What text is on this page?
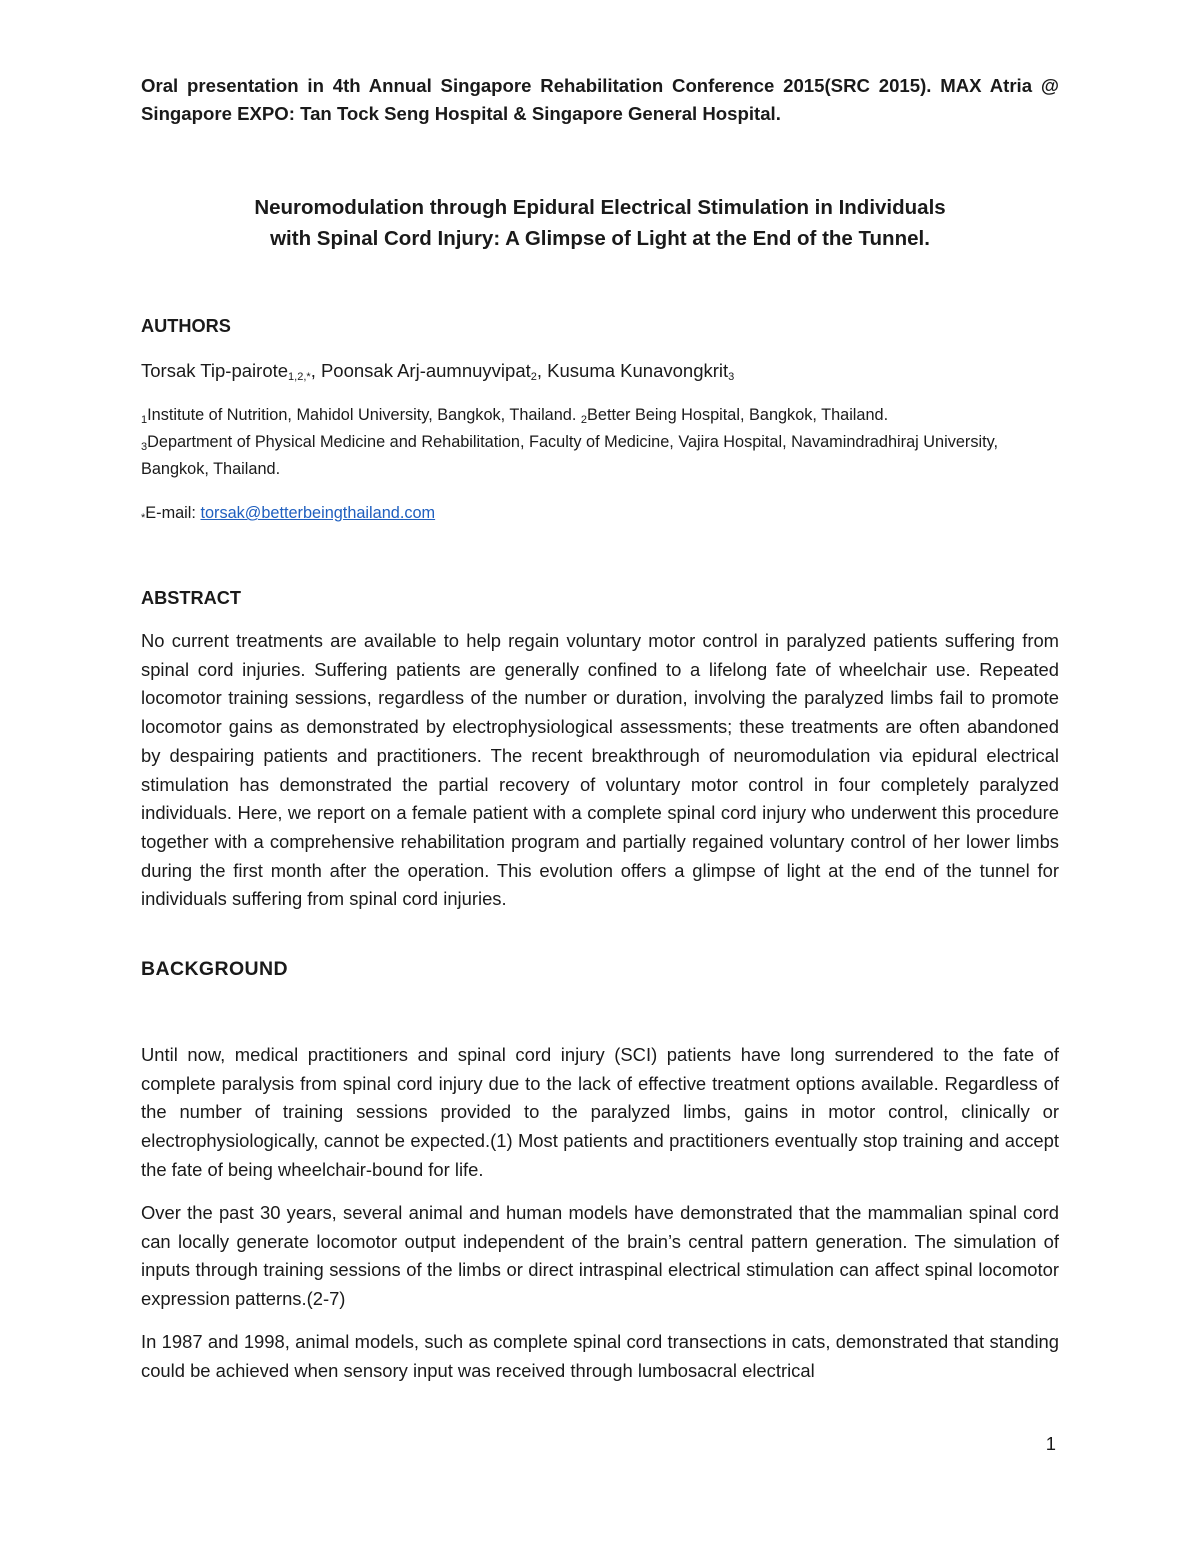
Oral presentation in 4th Annual Singapore Rehabilitation Conference 2015(SRC 2015). MAX Atria @ Singapore EXPO: Tan Tock Seng Hospital & Singapore General Hospital.
Neuromodulation through Epidural Electrical Stimulation in Individuals
with Spinal Cord Injury: A Glimpse of Light at the End of the Tunnel.
AUTHORS
Torsak Tip-pairote$_{1,2,*}$, Poonsak Arj-aumnuyvipat$_2$, Kusuma Kunavongkrit$_3$
$_1$Institute of Nutrition, Mahidol University, Bangkok, Thailand. $_2$Better Being Hospital, Bangkok, Thailand.
$_3$Department of Physical Medicine and Rehabilitation, Faculty of Medicine, Vajira Hospital, Navamindradhiraj University, Bangkok, Thailand.
$_*$E-mail: torsak@betterbeingthailand.com
ABSTRACT
No current treatments are available to help regain voluntary motor control in paralyzed patients suffering from spinal cord injuries. Suffering patients are generally confined to a lifelong fate of wheelchair use. Repeated locomotor training sessions, regardless of the number or duration, involving the paralyzed limbs fail to promote locomotor gains as demonstrated by electrophysiological assessments; these treatments are often abandoned by despairing patients and practitioners. The recent breakthrough of neuromodulation via epidural electrical stimulation has demonstrated the partial recovery of voluntary motor control in four completely paralyzed individuals. Here, we report on a female patient with a complete spinal cord injury who underwent this procedure together with a comprehensive rehabilitation program and partially regained voluntary control of her lower limbs during the first month after the operation. This evolution offers a glimpse of light at the end of the tunnel for individuals suffering from spinal cord injuries.
BACKGROUND
Until now, medical practitioners and spinal cord injury (SCI) patients have long surrendered to the fate of complete paralysis from spinal cord injury due to the lack of effective treatment options available. Regardless of the number of training sessions provided to the paralyzed limbs, gains in motor control, clinically or electrophysiologically, cannot be expected.(1) Most patients and practitioners eventually stop training and accept the fate of being wheelchair-bound for life.
Over the past 30 years, several animal and human models have demonstrated that the mammalian spinal cord can locally generate locomotor output independent of the brain’s central pattern generation. The simulation of inputs through training sessions of the limbs or direct intraspinal electrical stimulation can affect spinal locomotor expression patterns.(2-7)
In 1987 and 1998, animal models, such as complete spinal cord transections in cats, demonstrated that standing could be achieved when sensory input was received through lumbosacral electrical
1
